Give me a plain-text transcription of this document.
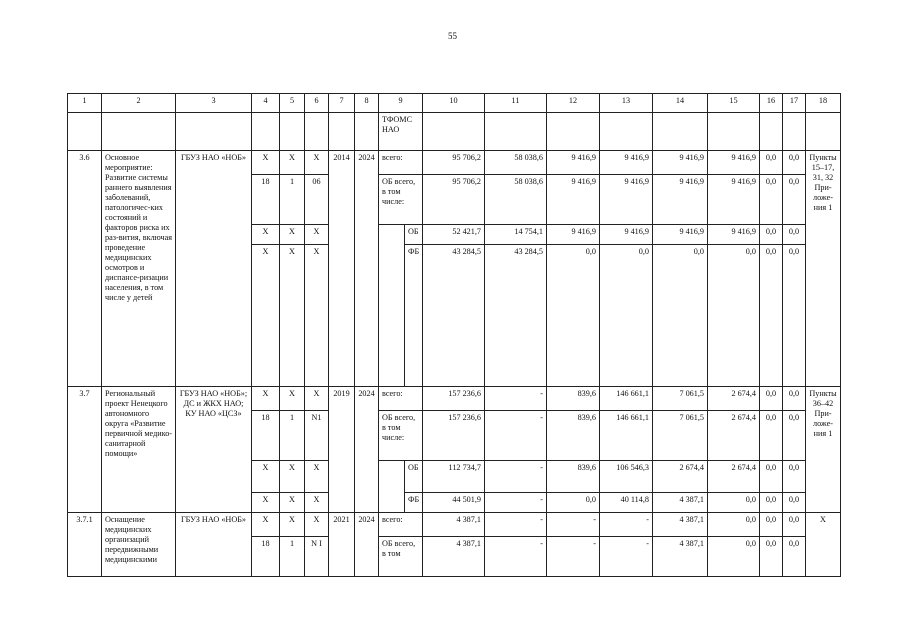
55
1	2	3	4	5	6	7	8	9		10	11	12	13	14	15	16	17	18
								ТФОМС НАО										
3.6	Основное мероприятие: Развитие системы раннего выявления заболеваний, патологичес-ких состояний и факторов риска их раз-вития, включая проведение медицинских осмотров и диспансе-ризации населения, в том числе у детей	ГБУЗ НАО «НОБ»	Х	Х	Х	2014	2024	всего:		95 706,2	58 038,6	9 416,9	9 416,9	9 416,9	9 416,9	0,0	0,0	Пункты 15–17, 31, 32 При-ложе-ния 1
			18	1	06			ОБ всего, в том числе:		95 706,2	58 038,6	9 416,9	9 416,9	9 416,9	9 416,9	0,0	0,0	
			Х	Х	Х				ОБ	52 421,7	14 754,1	9 416,9	9 416,9	9 416,9	9 416,9	0,0	0,0	
			Х	Х	Х				ФБ	43 284,5	43 284,5	0,0	0,0	0,0	0,0	0,0	0,0	
3.7	Региональный проект Ненецкого автономного округа «Развитие первичной медико-санитарной помощи»	ГБУЗ НАО «НОБ»; ДС и ЖКХ НАО; КУ НАО «ЦСЗ»	Х	Х	Х	2019	2024	всего:		157 236,6	-	839,6	146 661,1	7 061,5	2 674,4	0,0	0,0	Пункты 36–42 При-ложе-ния 1
			18	1	N1			ОБ всего, в том числе:		157 236,6	-	839,6	146 661,1	7 061,5	2 674,4	0,0	0,0	
			Х	Х	Х				ОБ	112 734,7	-	839,6	106 546,3	2 674,4	2 674,4	0,0	0,0	
			Х	Х	Х				ФБ	44 501,9	-	0,0	40 114,8	4 387,1	0,0	0,0	0,0	
3.7.1	Оснащение медицинских организаций передвижными медицинскими	ГБУЗ НАО «НОБ»	Х	Х	Х	2021	2024	всего:		4 387,1	-	-	-	4 387,1	0,0	0,0	0,0	Х
			18	1	N I			ОБ всего, в том		4 387,1	-	-	-	4 387,1	0,0	0,0	0,0	
